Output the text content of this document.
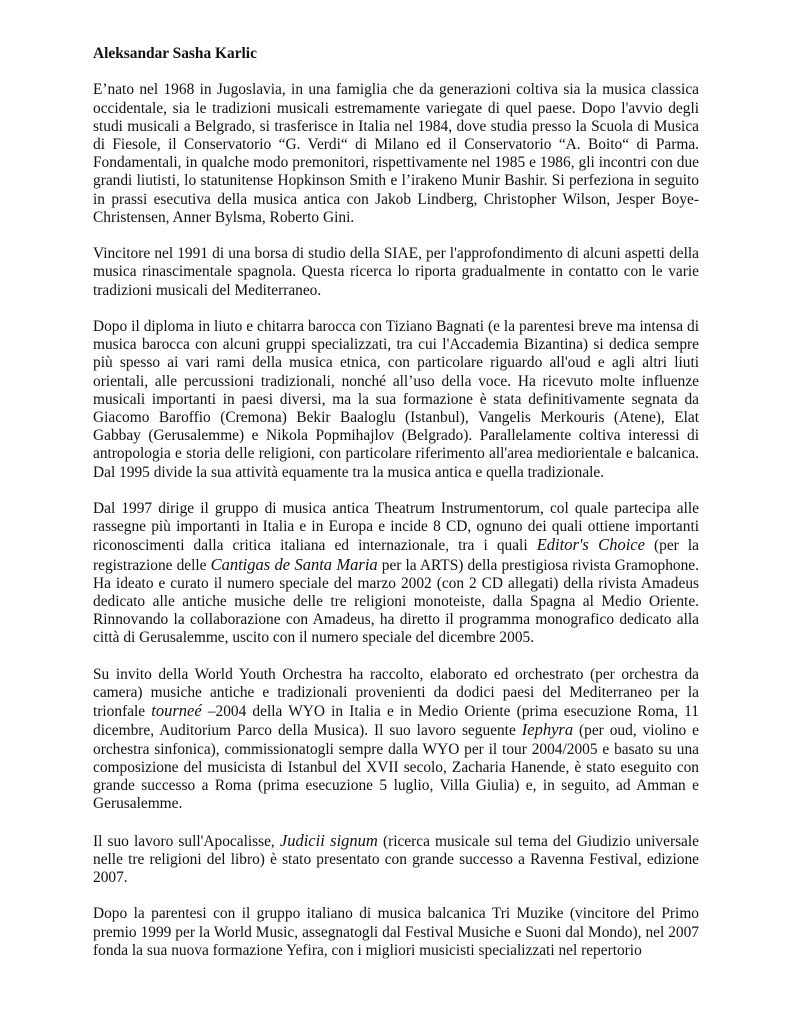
Aleksandar Sasha Karlic

E’nato nel 1968 in Jugoslavia, in una famiglia che da generazioni coltiva sia la musica classica occidentale, sia le tradizioni musicali estremamente variegate di quel paese. Dopo l'avvio degli studi musicali a Belgrado, si trasferisce in Italia nel 1984, dove studia presso la Scuola di Musica di Fiesole, il Conservatorio “G. Verdi“ di Milano ed il Conservatorio “A. Boito“ di Parma. Fondamentali, in qualche modo premonitori, rispettivamente nel 1985 e 1986, gli incontri con due grandi liutisti, lo statunitense Hopkinson Smith e l’irakeno Munir Bashir. Si perfeziona in seguito in prassi esecutiva della musica antica con Jakob Lindberg, Christopher Wilson, Jesper Boye-Christensen, Anner Bylsma, Roberto Gini.

Vincitore nel 1991 di una borsa di studio della SIAE, per l'approfondimento di alcuni aspetti della musica rinascimentale spagnola. Questa ricerca lo riporta gradualmente in contatto con le varie tradizioni musicali del Mediterraneo.

Dopo il diploma in liuto e chitarra barocca con Tiziano Bagnati (e la parentesi breve ma intensa di musica barocca con alcuni gruppi specializzati, tra cui l'Accademia Bizantina) si dedica sempre più spesso ai vari rami della musica etnica, con particolare riguardo all'oud e agli altri liuti orientali, alle percussioni tradizionali, nonché all’uso della voce. Ha ricevuto molte influenze musicali importanti in paesi diversi, ma la sua formazione è stata definitivamente segnata da Giacomo Baroffio (Cremona) Bekir Baaloglu (Istanbul), Vangelis Merkouris (Atene), Elat Gabbay (Gerusalemme) e Nikola Popmihajlov (Belgrado). Parallelamente coltiva interessi di antropologia e storia delle religioni, con particolare riferimento all'area mediorientale e balcanica. Dal 1995 divide la sua attività equamente tra la musica antica e quella tradizionale.

Dal 1997 dirige il gruppo di musica antica Theatrum Instrumentorum, col quale partecipa alle rassegne più importanti in Italia e in Europa e incide 8 CD, ognuno dei quali ottiene importanti riconoscimenti dalla critica italiana ed internazionale, tra i quali Editor's Choice (per la registrazione delle Cantigas de Santa Maria per la ARTS) della prestigiosa rivista Gramophone. Ha ideato e curato il numero speciale del marzo 2002 (con 2 CD allegati) della rivista Amadeus dedicato alle antiche musiche delle tre religioni monoteiste, dalla Spagna al Medio Oriente. Rinnovando la collaborazione con Amadeus, ha diretto il programma monografico dedicato alla città di Gerusalemme, uscito con il numero speciale del dicembre 2005.

Su invito della World Youth Orchestra ha raccolto, elaborato ed orchestrato (per orchestra da camera) musiche antiche e tradizionali provenienti da dodici paesi del Mediterraneo per la trionfale tourneé –2004 della WYO in Italia e in Medio Oriente (prima esecuzione Roma, 11 dicembre, Auditorium Parco della Musica). Il suo lavoro seguente Iephyra (per oud, violino e orchestra sinfonica), commissionatogli sempre dalla WYO per il tour 2004/2005 e basato su una composizione del musicista di Istanbul del XVII secolo, Zacharia Hanende, è stato eseguito con grande successo a Roma (prima esecuzione 5 luglio, Villa Giulia) e, in seguito, ad Amman e Gerusalemme.

Il suo lavoro sull'Apocalisse, Judicii signum (ricerca musicale sul tema del Giudizio universale nelle tre religioni del libro) è stato presentato con grande successo a Ravenna Festival, edizione 2007.

Dopo la parentesi con il gruppo italiano di musica balcanica Tri Muzike (vincitore del Primo premio 1999 per la World Music, assegnatogli dal Festival Musiche e Suoni dal Mondo), nel 2007 fonda la sua nuova formazione Yefira, con i migliori musicisti specializzati nel repertorio
